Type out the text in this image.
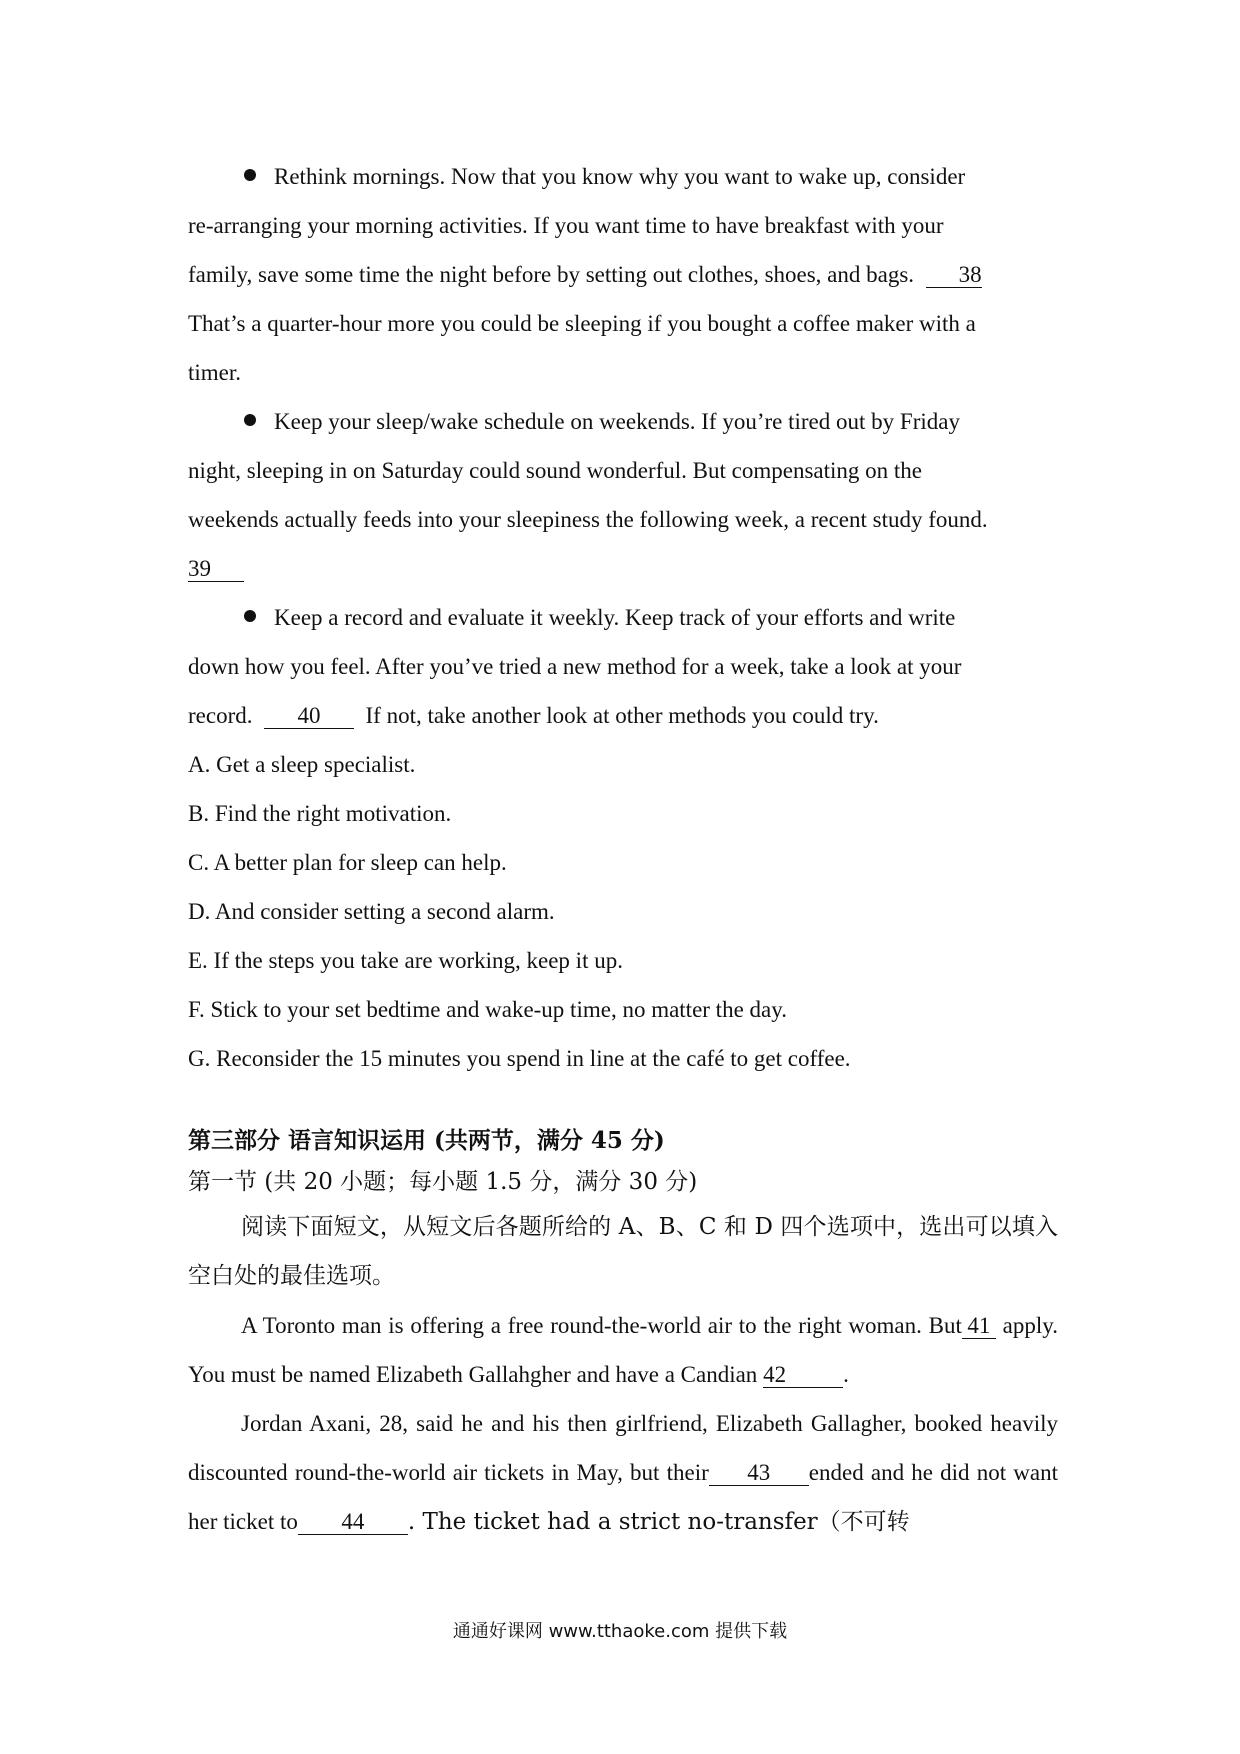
Rethink mornings. Now that you know why you want to wake up, consider
re-arranging your morning activities. If you want time to have breakfast with your
family, save some time the night before by setting out clothes, shoes, and bags. 38
That’s a quarter-hour more you could be sleeping if you bought a coffee maker with a
timer.
Keep your sleep/wake schedule on weekends. If you’re tired out by Friday
night, sleeping in on Saturday could sound wonderful. But compensating on the
weekends actually feeds into your sleepiness the following week, a recent study found.
39
Keep a record and evaluate it weekly. Keep track of your efforts and write
down how you feel. After you’ve tried a new method for a week, take a look at your
record. 40 If not, take another look at other methods you could try.
A. Get a sleep specialist.
B. Find the right motivation.
C. A better plan for sleep can help.
D. And consider setting a second alarm.
E. If the steps you take are working, keep it up.
F. Stick to your set bedtime and wake-up time, no matter the day.
G. Reconsider the 15 minutes you spend in line at the café to get coffee.
第三部分 语言知识运用 (共两节，满分 45 分)
第一节 (共 20 小题；每小题 1.5 分，满分 30 分)
阅读下面短文，从短文后各题所给的 A、B、C 和 D 四个选项中，选出可以填入空白处的最佳选项。
A Toronto man is offering a free round-the-world air to the right woman. But 41 apply. You must be named Elizabeth Gallahgher and have a Candian 42 .
Jordan Axani, 28, said he and his then girlfriend, Elizabeth Gallagher, booked heavily discounted round-the-world air tickets in May, but their 43 ended and he did not want her ticket to 44 . The ticket had a strict no-transfer（不可转
通通好课网 www.tthaoke.com 提供下载
